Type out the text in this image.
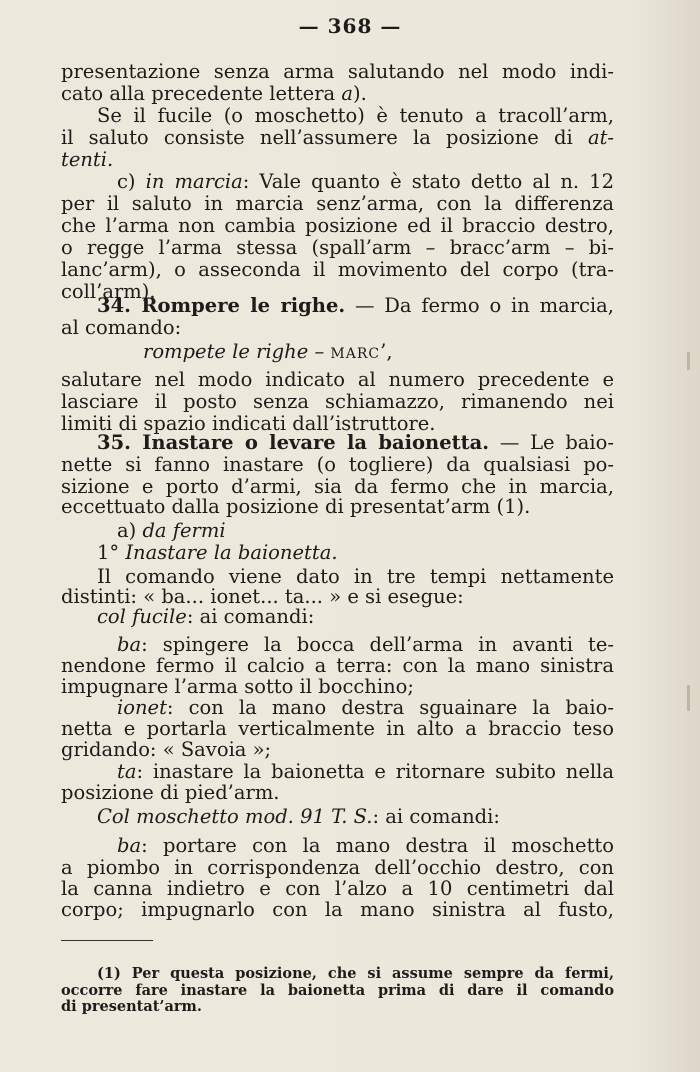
— 368 —
presentazione senza arma salutando nel modo indi-
cato alla precedente lettera a).
Se il fucile (o moschetto) è tenuto a tracoll’arm,
il saluto consiste nell’assumere la posizione di at-
tenti.
c) in marcia: Vale quanto è stato detto al n. 12
per il saluto in marcia senz’arma, con la differenza
che l’arma non cambia posizione ed il braccio destro,
o regge l’arma stessa (spall’arm – bracc’arm – bi-
lanc’arm), o asseconda il movimento del corpo (tra-
coll’arm).
34. Rompere le righe. — Da fermo o in marcia,
al comando:
rompete le righe – marc’,
salutare nel modo indicato al numero precedente e
lasciare il posto senza schiamazzo, rimanendo nei
limiti di spazio indicati dall’istruttore.
35. Inastare o levare la baionetta. — Le baio-
nette si fanno inastare (o togliere) da qualsiasi po-
sizione e porto d’armi, sia da fermo che in marcia,
eccettuato dalla posizione di presentat’arm (1).
a) da fermi
1° Inastare la baionetta.
Il comando viene dato in tre tempi nettamente
distinti: « ba... ionet... ta... » e si esegue:
col fucile: ai comandi:
ba: spingere la bocca dell’arma in avanti te-
nendone fermo il calcio a terra: con la mano sinistra
impugnare l’arma sotto il bocchino;
ionet: con la mano destra sguainare la baio-
netta e portarla verticalmente in alto a braccio teso
gridando: « Savoia »;
ta: inastare la baionetta e ritornare subito nella
posizione di pied’arm.
Col moschetto mod. 91 T. S.: ai comandi:
ba: portare con la mano destra il moschetto
a piombo in corrispondenza dell’occhio destro, con
la canna indietro e con l’alzo a 10 centimetri dal
corpo; impugnarlo con la mano sinistra al fusto,
(1) Per questa posizione, che si assume sempre da fermi,
occorre fare inastare la baionetta prima di dare il comando
di presentat’arm.
